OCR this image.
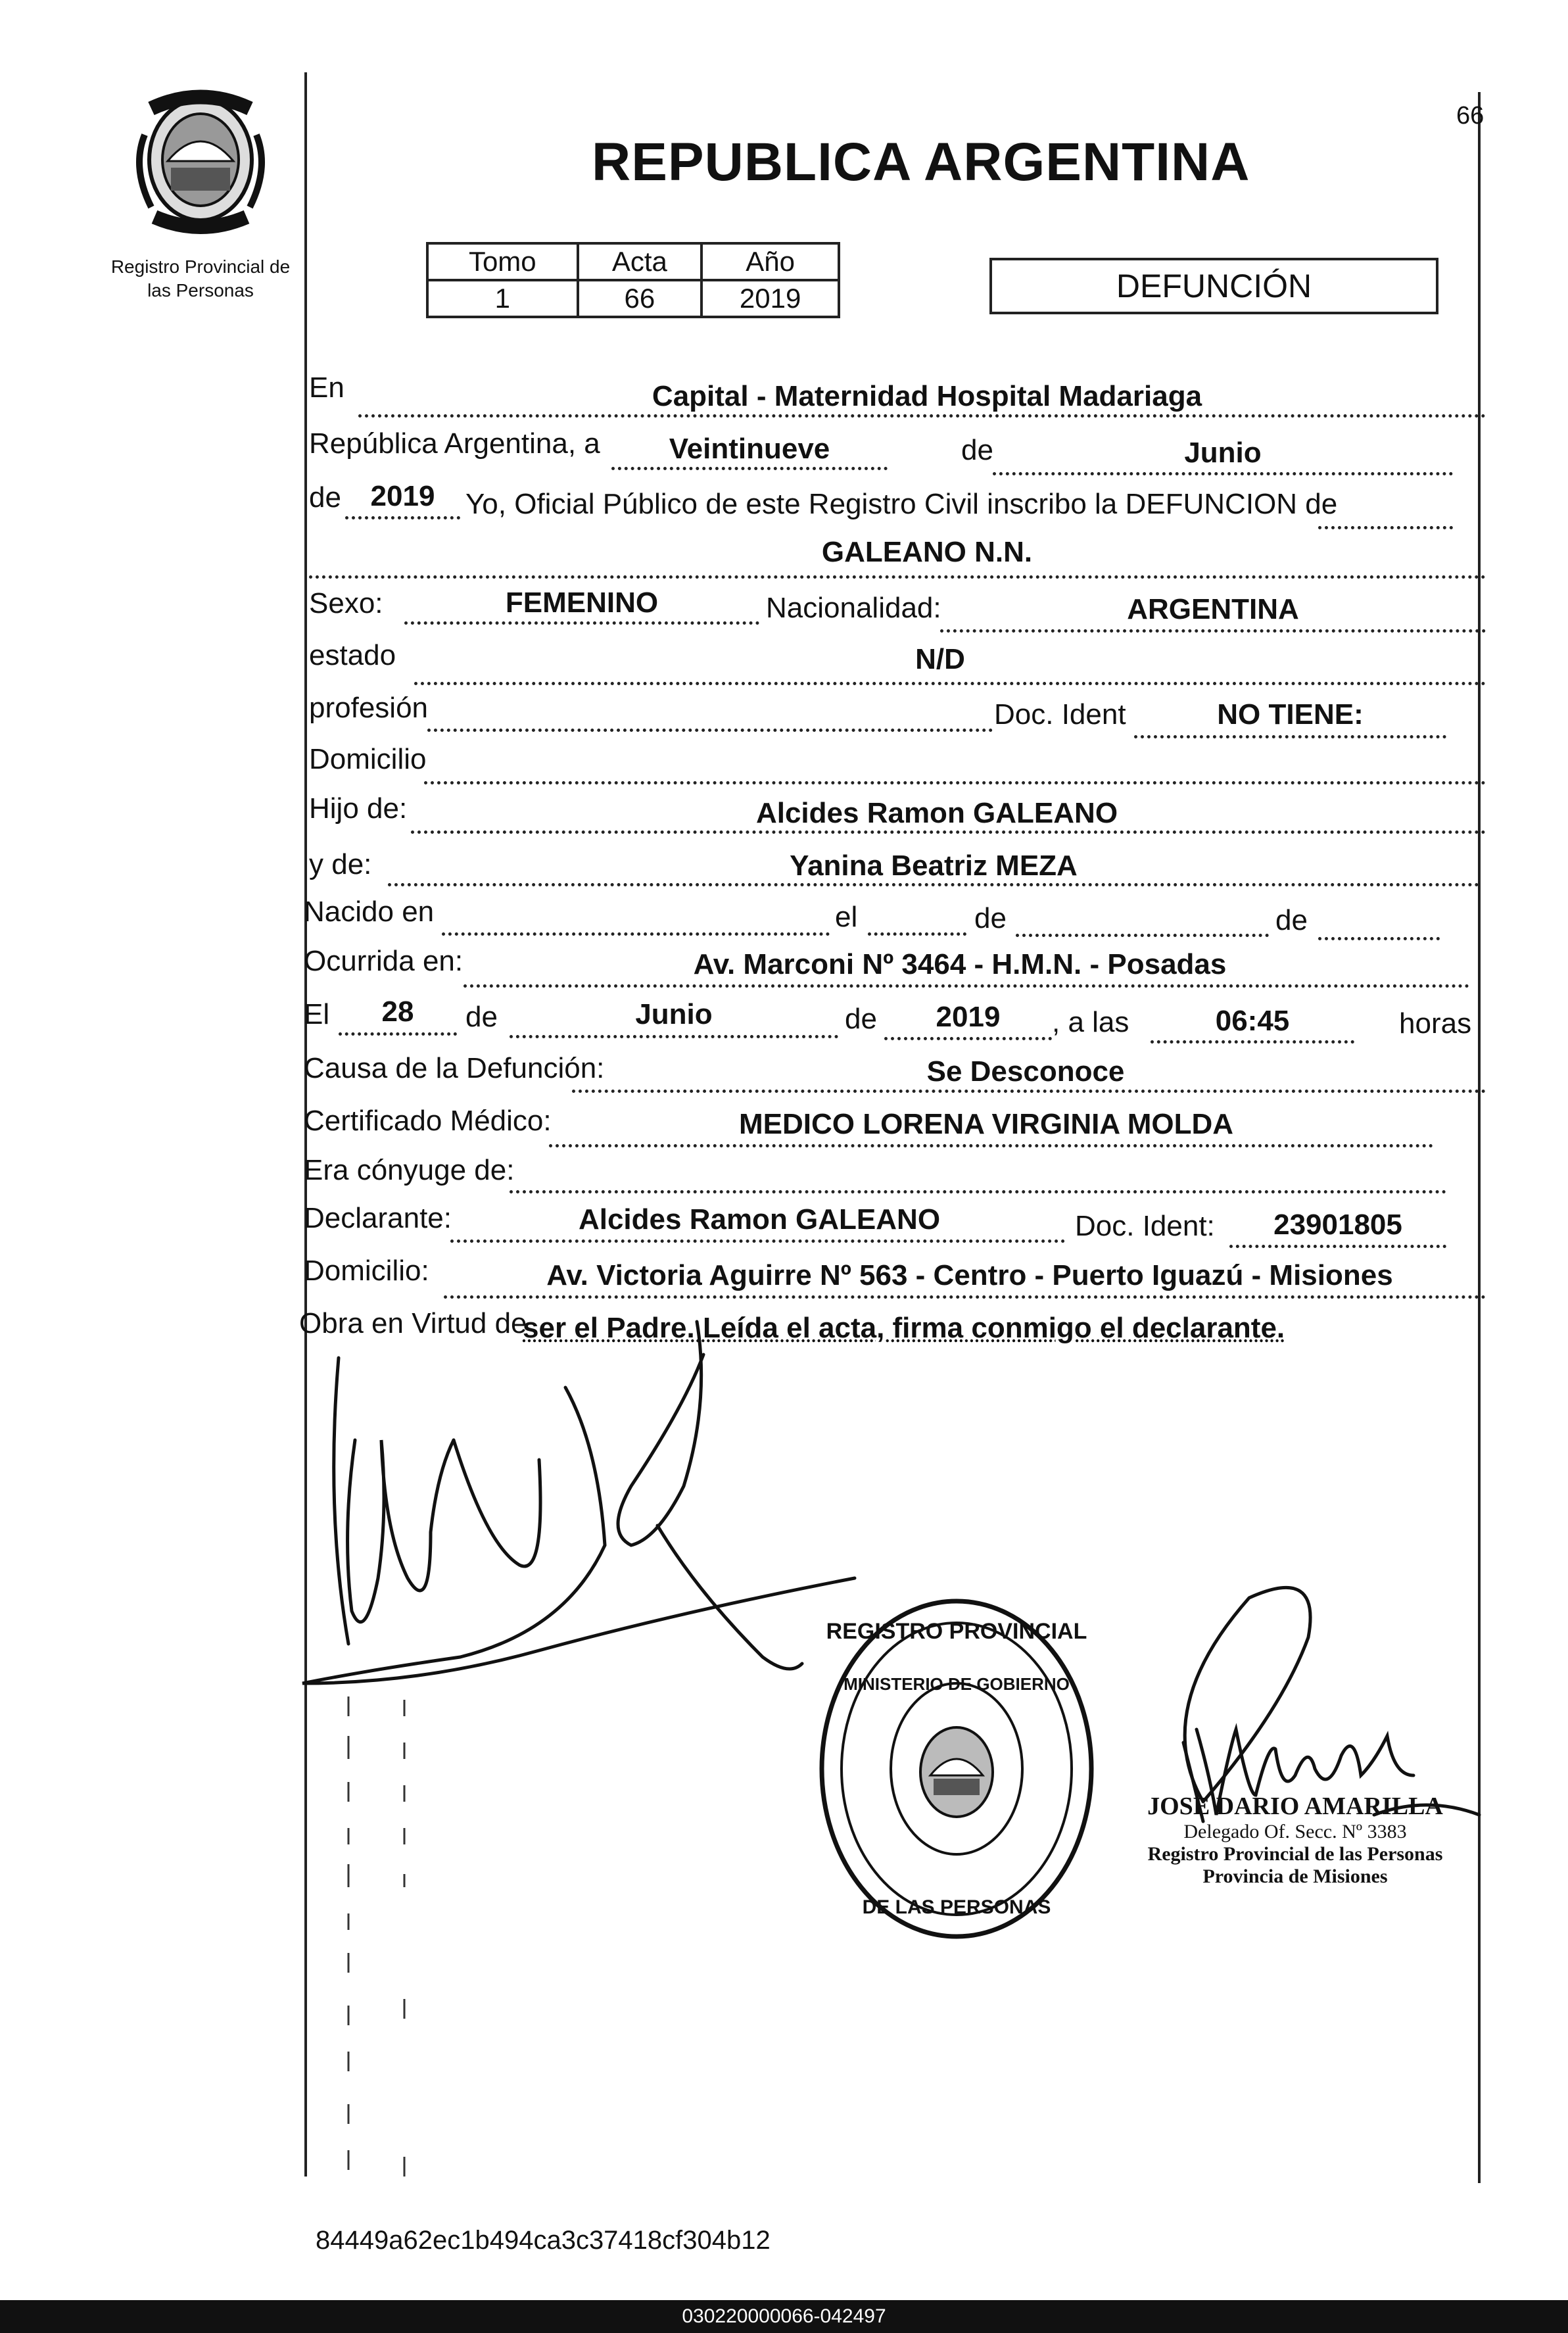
Registro Provincial de
las Personas
66
REPUBLICA ARGENTINA
Tomo	Acta	Año
1	66	2019	DEFUNCIÓN
En	Capital - Maternidad Hospital Madariaga
República Argentina, a	Veintinueve	de	Junio
de	2019	Yo, Oficial Público de este Registro Civil inscribo la DEFUNCION de
GALEANO N.N.
Sexo:	FEMENINO	Nacionalidad:	ARGENTINA
estado	N/D
profesión	Doc. Ident	NO TIENE:
Domicilio
Hijo de:	Alcides Ramon GALEANO
y de:	Yanina Beatriz MEZA
Nacido en	el	de	de
Ocurrida en:	Av. Marconi Nº 3464 - H.M.N. - Posadas
El	28	de	Junio	de	2019	, a las	06:45	horas
Causa de la Defunción:	Se Desconoce
Certificado Médico:	MEDICO LORENA VIRGINIA MOLDA
Era cónyuge de:
Declarante:	Alcides Ramon GALEANO	Doc. Ident:	23901805
Domicilio:	Av. Victoria Aguirre Nº 563 - Centro - Puerto Iguazú - Misiones
Obra en Virtud de
ser el Padre. Leída el acta, firma conmigo el declarante.
REGISTRO PROVINCIAL
MINISTERIO DE GOBIERNO
DE LAS PERSONAS
JOSE DARIO AMARILLA
Delegado Of. Secc. Nº 3383
Registro Provincial de las Personas
Provincia de Misiones
84449a62ec1b494ca3c37418cf304b12
030220000066-042497
